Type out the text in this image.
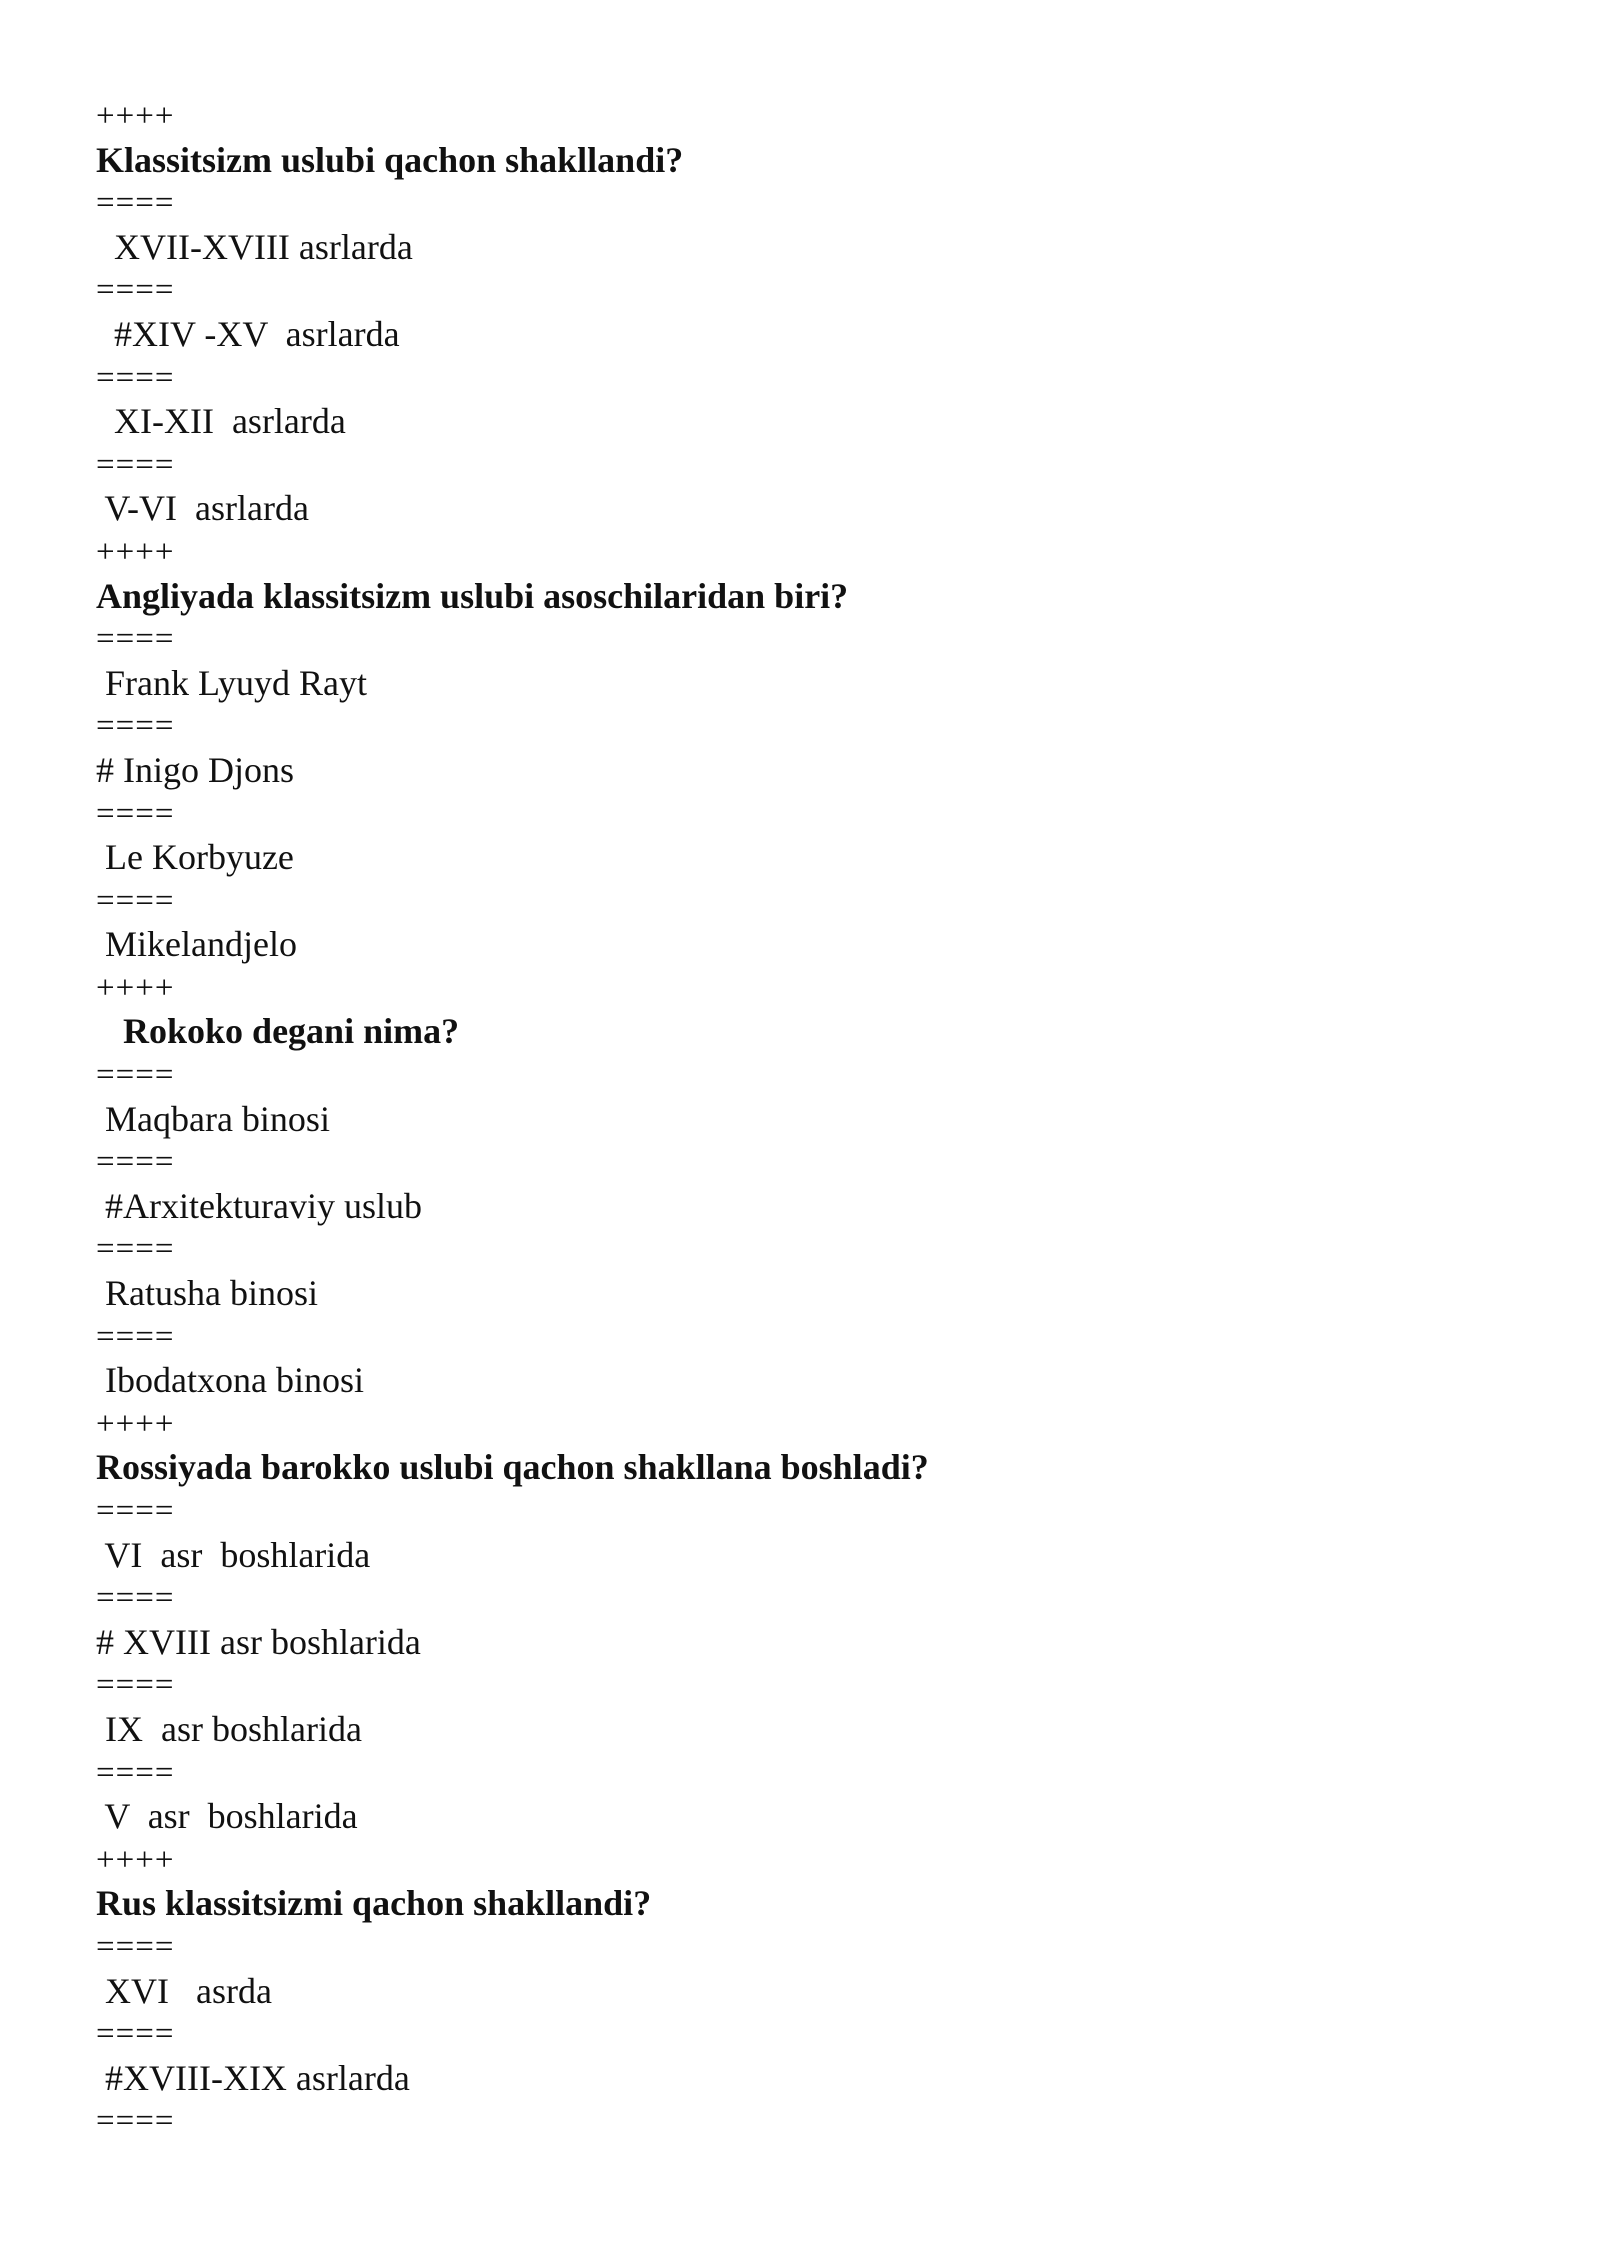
++++
Klassitsizm uslubi qachon shakllandi?
====
XVII-XVIII asrlarda
====
#XIV -XV  asrlarda
====
XI-XII  asrlarda
====
V-VI  asrlarda
++++
Angliyada klassitsizm uslubi asoschilaridan biri?
====
Frank Lyuyd Rayt
====
# Inigo Djons
====
Le Korbyuze
====
Mikelandjelo
++++
Rokoko degani nima?
====
Maqbara binosi
====
#Arxitekturaviy uslub
====
Ratusha binosi
====
Ibodatxona binosi
++++
Rossiyada barokko uslubi qachon shakllana boshladi?
====
VI  asr  boshlarida
====
# XVIII asr boshlarida
====
IX  asr boshlarida
====
V  asr  boshlarida
++++
Rus klassitsizmi qachon shakllandi?
====
XVI   asrda
====
#XVIII-XIX asrlarda
====
